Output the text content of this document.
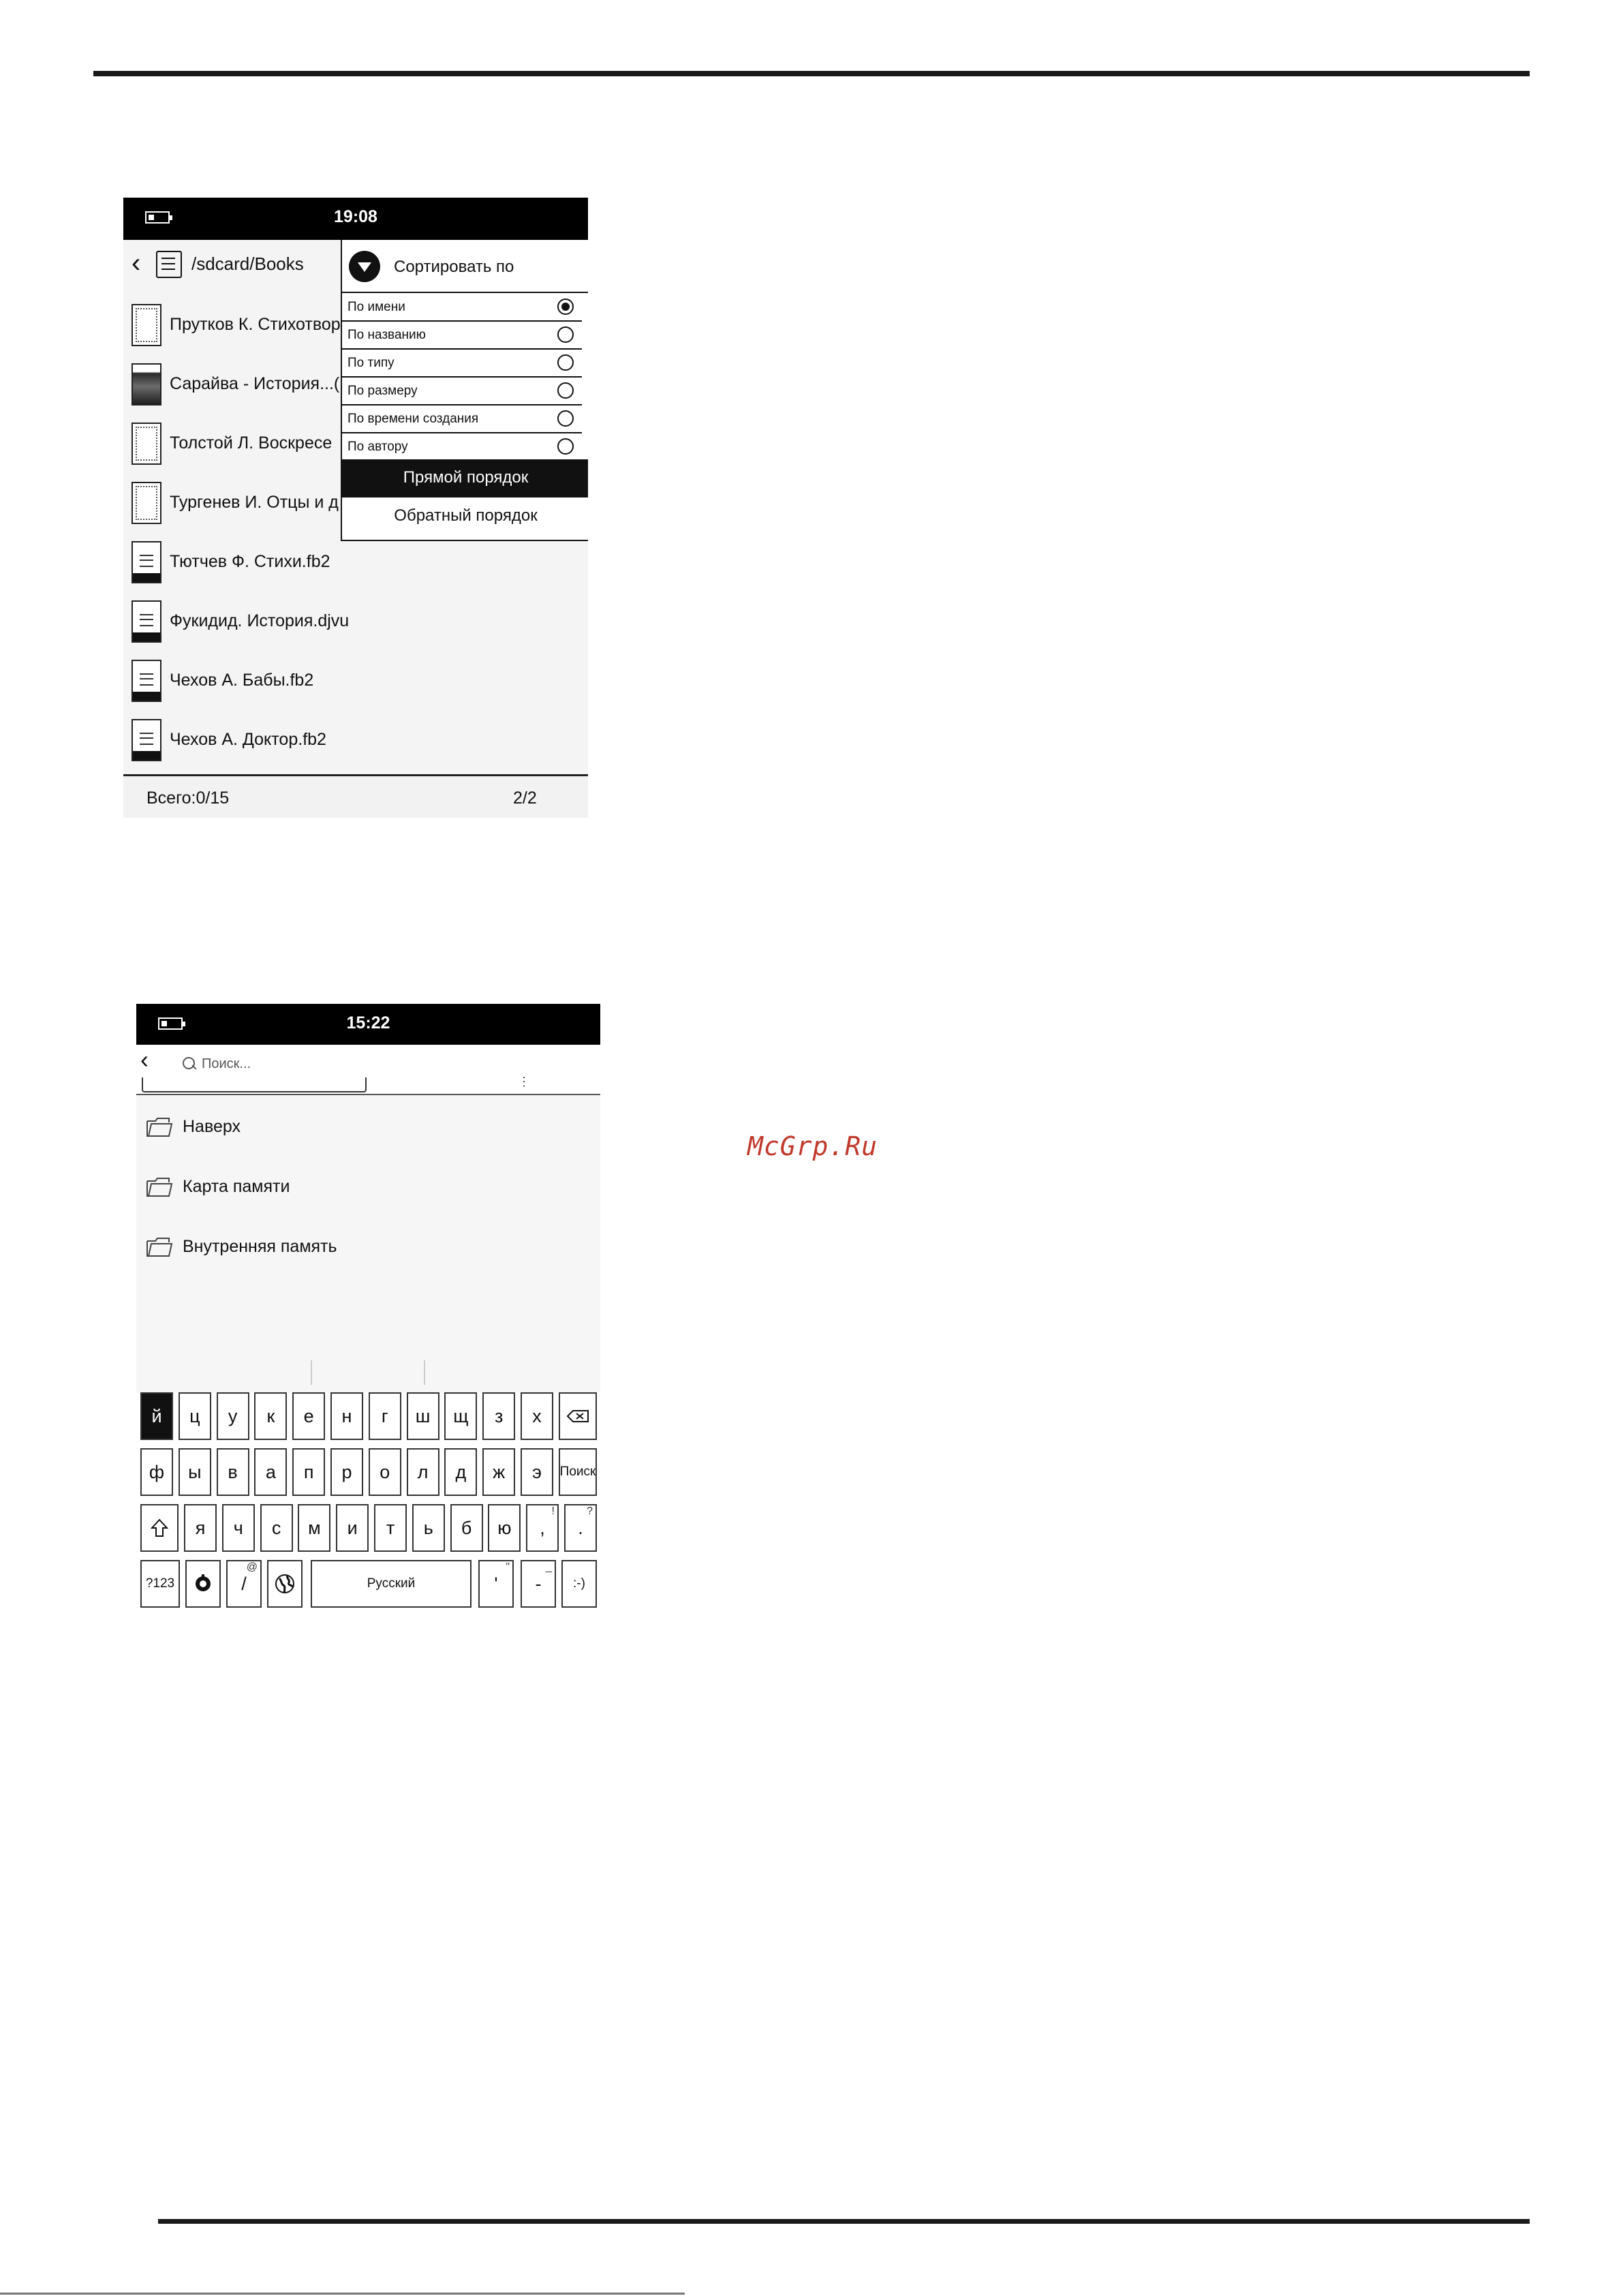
19:08
‹	/sdcard/Books
Прутков К. Стихотвор
Сарайва - История...(
Толстой Л. Воскресе
Тургенев И. Отцы и д
Тютчев Ф. Стихи.fb2
Фукидид. История.djvu
Чехов А. Бабы.fb2
Чехов А. Доктор.fb2
Всего:0/15	2/2
Сортировать по
По имени
По названию
По типу
По размеру
По времени создания
По автору
Прямой порядок
Обратный порядок
15:22
‹
Поиск...
⋮
Наверх
Карта памяти
Внутренняя память
й ц у к е н г ш щ з х
ф ы в а п р о л д ж э Поиск
я ч с м и т ь б ю ,
!
.
?
?123	/
@
Русский	'
"
-
_
:-)
McGrp.Ru
